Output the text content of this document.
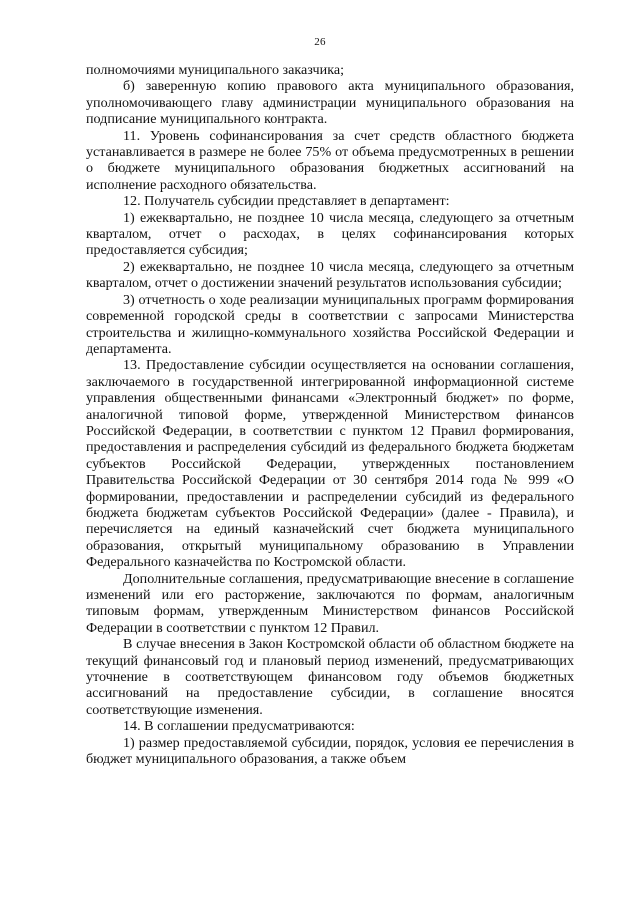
26

полномочиями муниципального заказчика;

б) заверенную копию правового акта муниципального образования, уполномочивающего главу администрации муниципального образования на подписание муниципального контракта.

11. Уровень софинансирования за счет средств областного бюджета устанавливается в размере не более 75% от объема предусмотренных в решении о бюджете муниципального образования бюджетных ассигнований на исполнение расходного обязательства.

12. Получатель субсидии представляет в департамент:

1) ежеквартально, не позднее 10 числа месяца, следующего за отчетным кварталом, отчет о расходах, в целях софинансирования которых предоставляется субсидия;

2) ежеквартально, не позднее 10 числа месяца, следующего за отчетным кварталом, отчет о достижении значений результатов использования субсидии;

3) отчетность о ходе реализации муниципальных программ формирования современной городской среды в соответствии с запросами Министерства строительства и жилищно-коммунального хозяйства Российской Федерации и департамента.

13. Предоставление субсидии осуществляется на основании соглашения, заключаемого в государственной интегрированной информационной системе управления общественными финансами «Электронный бюджет» по форме, аналогичной типовой форме, утвержденной Министерством финансов Российской Федерации, в соответствии с пунктом 12 Правил формирования, предоставления и распределения субсидий из федерального бюджета бюджетам субъектов Российской Федерации, утвержденных постановлением Правительства Российской Федерации от 30 сентября 2014 года № 999 «О формировании, предоставлении и распределении субсидий из федерального бюджета бюджетам субъектов Российской Федерации» (далее - Правила), и перечисляется на единый казначейский счет бюджета муниципального образования, открытый муниципальному образованию в Управлении Федерального казначейства по Костромской области.

Дополнительные соглашения, предусматривающие внесение в соглашение изменений или его расторжение, заключаются по формам, аналогичным типовым формам, утвержденным Министерством финансов Российской Федерации в соответствии с пунктом 12 Правил.

В случае внесения в Закон Костромской области об областном бюджете на текущий финансовый год и плановый период изменений, предусматривающих уточнение в соответствующем финансовом году объемов бюджетных ассигнований на предоставление субсидии, в соглашение вносятся соответствующие изменения.

14. В соглашении предусматриваются:

1) размер предоставляемой субсидии, порядок, условия ее перечисления в бюджет муниципального образования, а также объем
